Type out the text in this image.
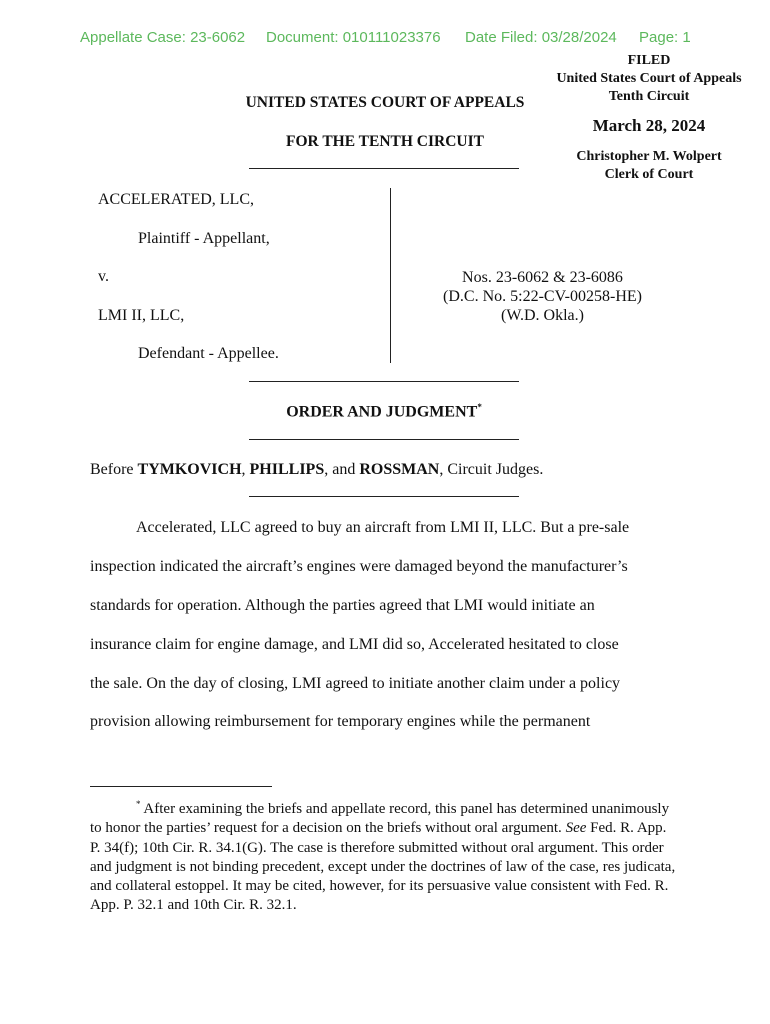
Appellate Case: 23-6062 Document: 010111023376 Date Filed: 03/28/2024 Page: 1
FILED
United States Court of Appeals
Tenth Circuit
March 28, 2024
Christopher M. Wolpert
Clerk of Court
UNITED STATES COURT OF APPEALS
FOR THE TENTH CIRCUIT
ACCELERATED, LLC,
Plaintiff - Appellant,
v.
LMI II, LLC,
Defendant - Appellee.
Nos. 23-6062 & 23-6086
(D.C. No. 5:22-CV-00258-HE)
(W.D. Okla.)
ORDER AND JUDGMENT*
Before TYMKOVICH, PHILLIPS, and ROSSMAN, Circuit Judges.
Accelerated, LLC agreed to buy an aircraft from LMI II, LLC. But a pre-sale
inspection indicated the aircraft’s engines were damaged beyond the manufacturer’s
standards for operation. Although the parties agreed that LMI would initiate an
insurance claim for engine damage, and LMI did so, Accelerated hesitated to close
the sale. On the day of closing, LMI agreed to initiate another claim under a policy
provision allowing reimbursement for temporary engines while the permanent
* After examining the briefs and appellate record, this panel has determined unanimously to honor the parties’ request for a decision on the briefs without oral argument. See Fed. R. App. P. 34(f); 10th Cir. R. 34.1(G). The case is therefore submitted without oral argument. This order and judgment is not binding precedent, except under the doctrines of law of the case, res judicata, and collateral estoppel. It may be cited, however, for its persuasive value consistent with Fed. R. App. P. 32.1 and 10th Cir. R. 32.1.
